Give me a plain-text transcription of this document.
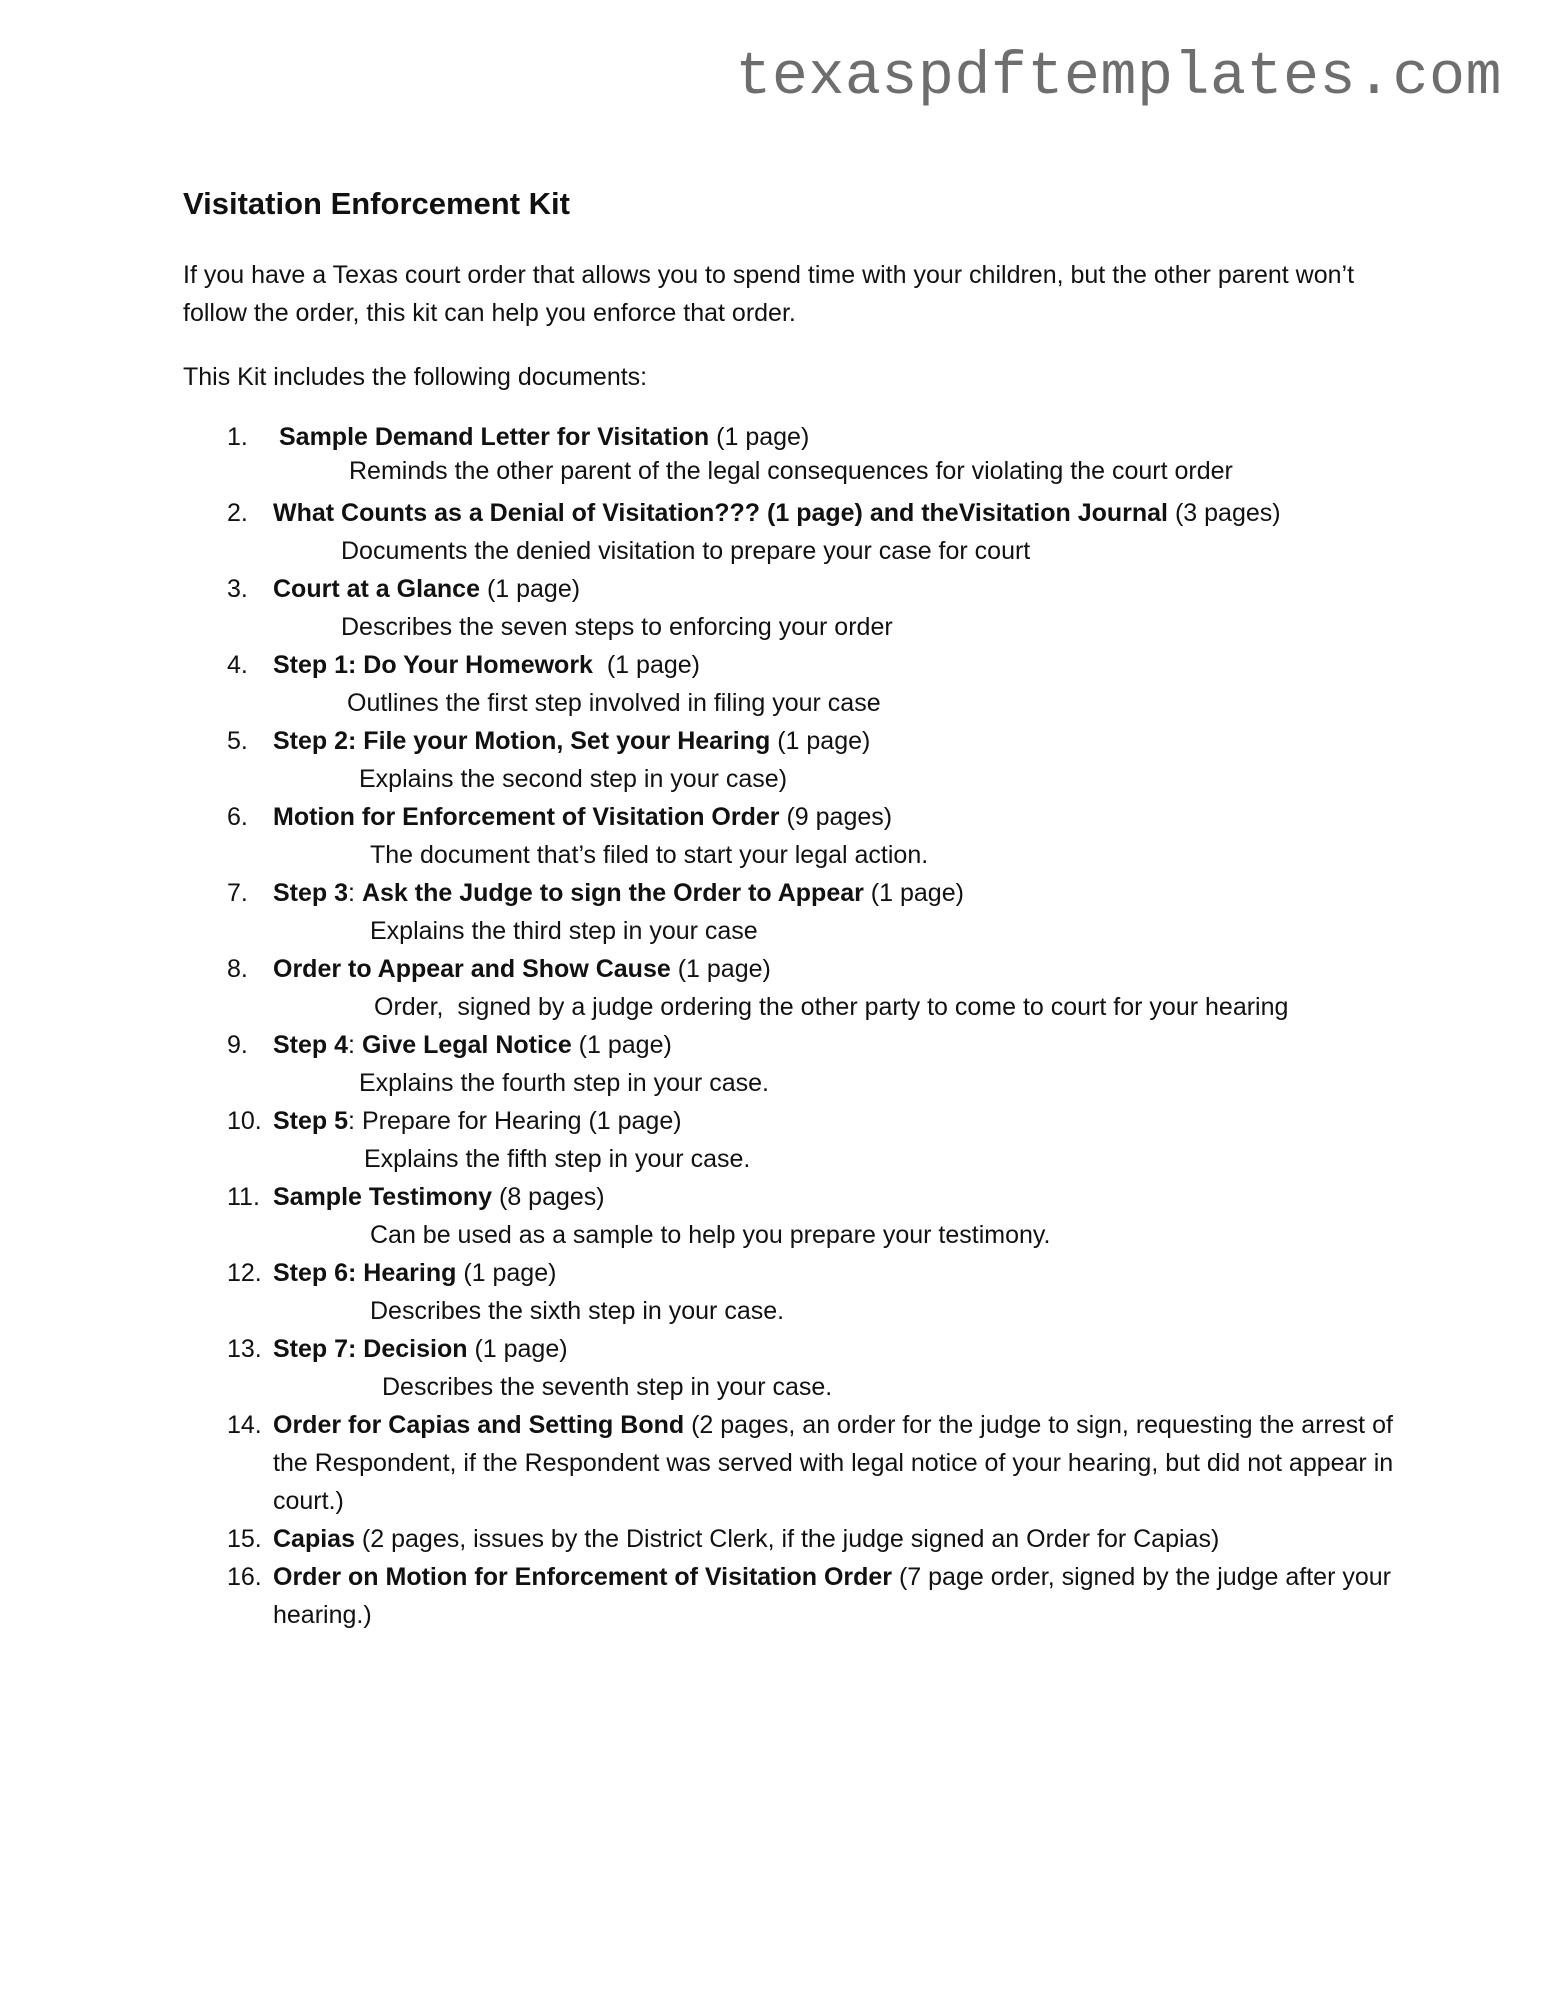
texaspdftemplates.com
Visitation Enforcement Kit
If you have a Texas court order that allows you to spend time with your children, but the other parent won’t follow the order, this kit can help you enforce that order.
This Kit includes the following documents:
1.	Sample Demand Letter for Visitation (1 page)
Reminds the other parent of the legal consequences for violating the court order
2.	What Counts as a Denial of Visitation??? (1 page) and theVisitation Journal (3 pages)
Documents the denied visitation to prepare your case for court
3.	Court at a Glance (1 page)
Describes the seven steps to enforcing your order
4.	Step 1: Do Your Homework  (1 page)
Outlines the first step involved in filing your case
5.	Step 2: File your Motion, Set your Hearing (1 page)
Explains the second step in your case)
6.	Motion for Enforcement of Visitation Order (9 pages)
The document that’s filed to start your legal action.
7.	Step 3: Ask the Judge to sign the Order to Appear (1 page)
Explains the third step in your case
8.	Order to Appear and Show Cause (1 page)
Order,  signed by a judge ordering the other party to come to court for your hearing
9.	Step 4: Give Legal Notice (1 page)
Explains the fourth step in your case.
10. Step 5: Prepare for Hearing (1 page)
Explains the fifth step in your case.
11. Sample Testimony (8 pages)
Can be used as a sample to help you prepare your testimony.
12. Step 6: Hearing (1 page)
Describes the sixth step in your case.
13. Step 7: Decision (1 page)
Describes the seventh step in your case.
14. Order for Capias and Setting Bond (2 pages, an order for the judge to sign, requesting the arrest of the Respondent, if the Respondent was served with legal notice of your hearing, but did not appear in court.)
15. Capias (2 pages, issues by the District Clerk, if the judge signed an Order for Capias)
16. Order on Motion for Enforcement of Visitation Order (7 page order, signed by the judge after your hearing.)
